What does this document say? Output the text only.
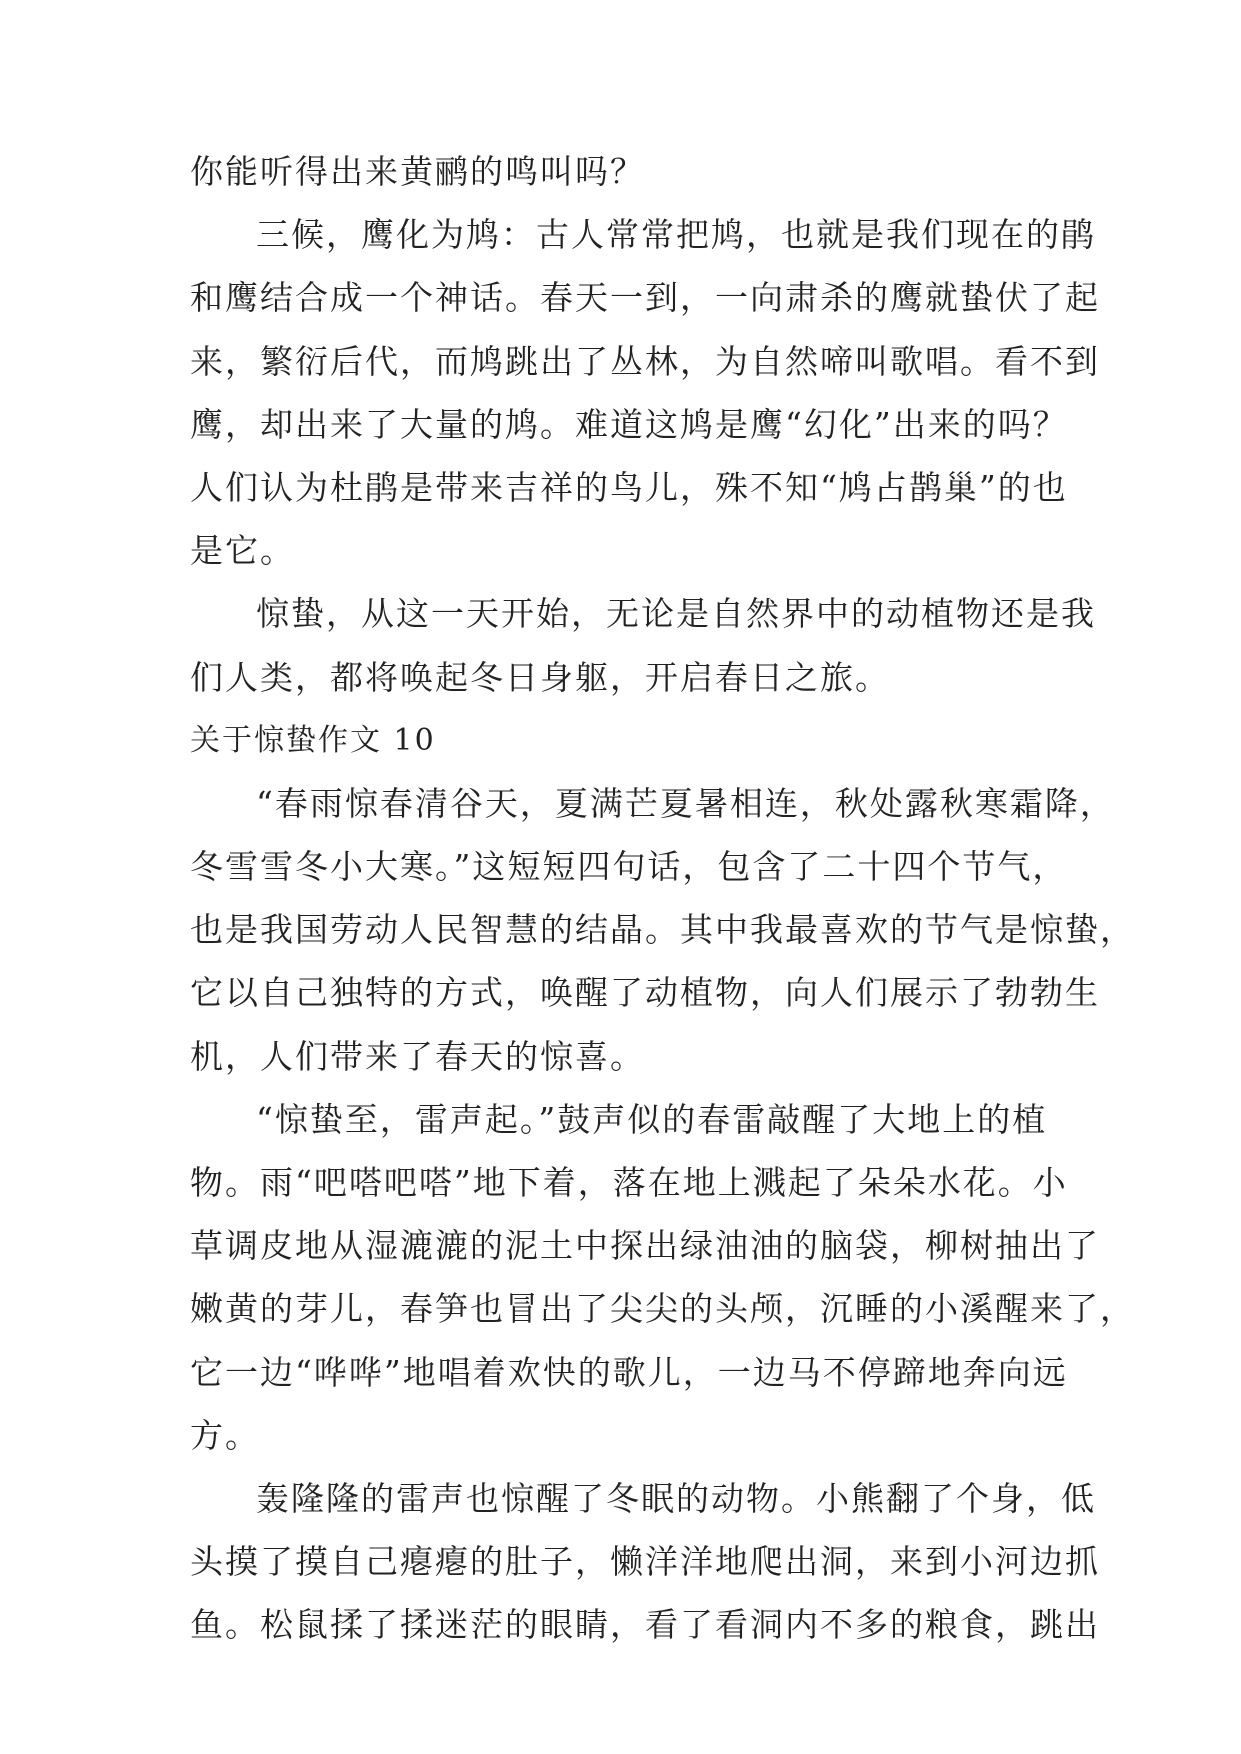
你能听得出来黄鹂的鸣叫吗？
三候，鹰化为鸠：古人常常把鸠，也就是我们现在的鹃
和鹰结合成一个神话。春天一到，一向肃杀的鹰就蛰伏了起
来，繁衍后代，而鸠跳出了丛林，为自然啼叫歌唱。看不到
鹰，却出来了大量的鸠。难道这鸠是鹰“幻化”出来的吗？
人们认为杜鹃是带来吉祥的鸟儿，殊不知“鸠占鹊巢”的也
是它。
惊蛰，从这一天开始，无论是自然界中的动植物还是我
们人类，都将唤起冬日身躯，开启春日之旅。
关于惊蛰作文 10
“春雨惊春清谷天，夏满芒夏暑相连，秋处露秋寒霜降，
冬雪雪冬小大寒。”这短短四句话，包含了二十四个节气，
也是我国劳动人民智慧的结晶。其中我最喜欢的节气是惊蛰，
它以自己独特的方式，唤醒了动植物，向人们展示了勃勃生
机，人们带来了春天的惊喜。
“惊蛰至，雷声起。”鼓声似的春雷敲醒了大地上的植
物。雨“吧嗒吧嗒”地下着，落在地上溅起了朵朵水花。小
草调皮地从湿漉漉的泥土中探出绿油油的脑袋，柳树抽出了
嫩黄的芽儿，春笋也冒出了尖尖的头颅，沉睡的小溪醒来了，
它一边“哗哗”地唱着欢快的歌儿，一边马不停蹄地奔向远
方。
轰隆隆的雷声也惊醒了冬眠的动物。小熊翻了个身，低
头摸了摸自己瘪瘪的肚子，懒洋洋地爬出洞，来到小河边抓
鱼。松鼠揉了揉迷茫的眼睛，看了看洞内不多的粮食，跳出
